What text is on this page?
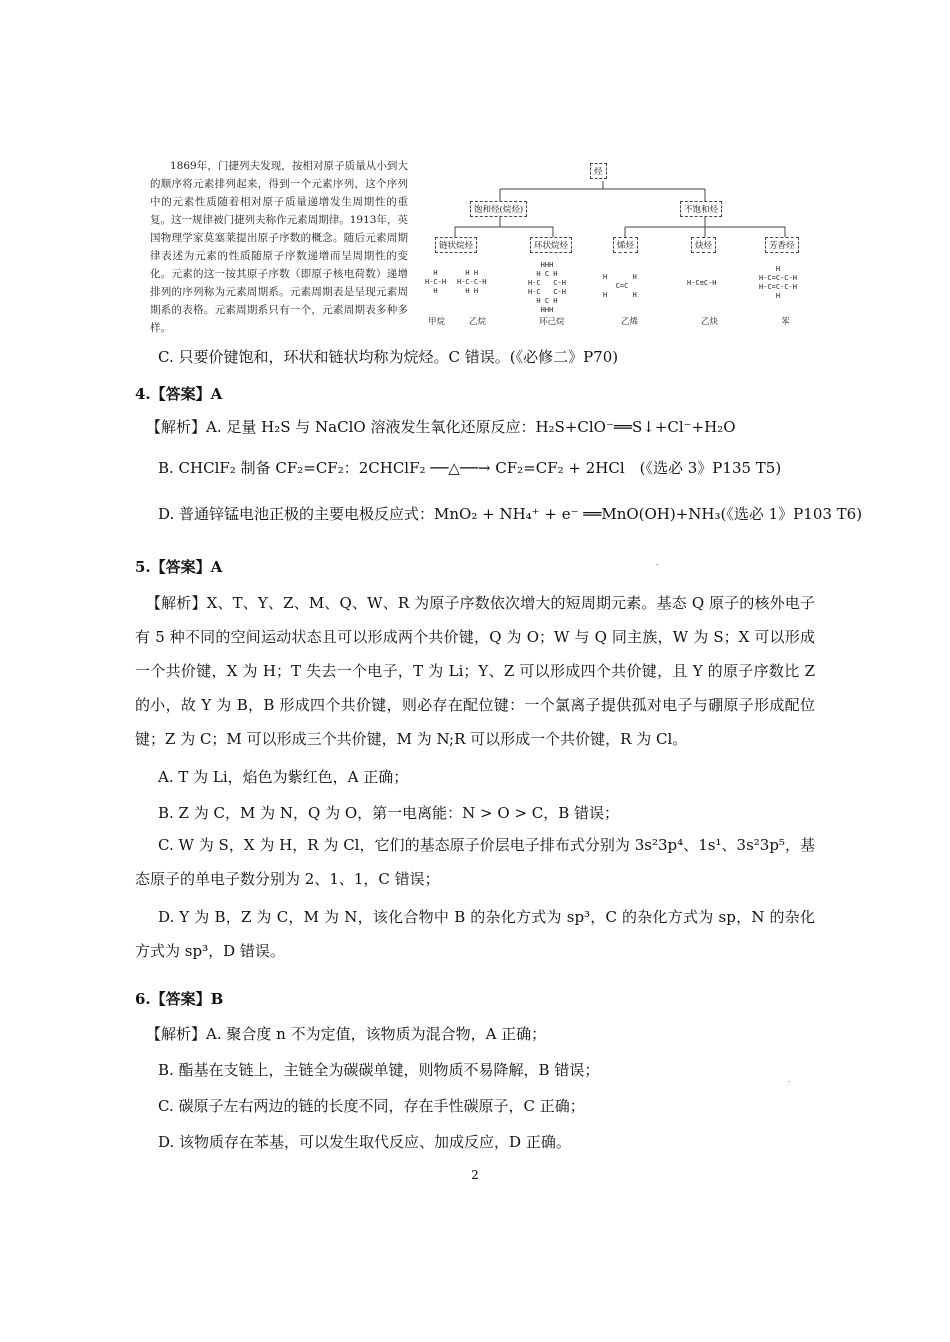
1869年，门捷列夫发现，按相对原子质量从小到大的顺序将元素排列起来，得到一个元素序列，这个序列中的元素性质随着相对原子质量递增发生周期性的重复。这一规律被门捷列夫称作元素周期律。1913年，英国物理学家莫塞莱提出原子序数的概念。随后元素周期律表述为元素的性质随原子序数递增而呈周期性的变化。元素的这一按其原子序数（即原子核电荷数）递增排列的序列称为元素周期系。元素周期表是呈现元素周期系的表格。元素周期系只有一个，元素周期表多种多样。

烃
饱和烃(烷烃)	不饱和烃
链状烷烃	环状烷烃	烯烃	炔烃	芳香烃
H
H-C-H
H
H H
H-C-C-H
H H
HHH
H C H
H-C   C-H
H-C   C-H
H C H
HHH
H      H
C=C
H      H
H-C≡C-H
H
H-C=C-C-H
H-C=C-C-H
H
甲烷	乙烷	环己烷	乙烯	乙炔	苯
C. 只要价键饱和，环状和链状均称为烷烃。C 错误。(《必修二》P70)
4.【答案】A
【解析】A. 足量 H₂S 与 NaClO 溶液发生氧化还原反应：H₂S+ClO⁻══S↓+Cl⁻+H₂O
B. CHClF₂ 制备 CF₂=CF₂：2CHClF₂ ──△──→ CF₂=CF₂ + 2HCl　(《选必 3》P135 T5)
D. 普通锌锰电池正极的主要电极反应式：MnO₂ + NH₄⁺ + e⁻ ══MnO(OH)+NH₃(《选必 1》P103 T6)
5.【答案】A
【解析】X、T、Y、Z、M、Q、W、R 为原子序数依次增大的短周期元素。基态 Q 原子的核外电子有 5 种不同的空间运动状态且可以形成两个共价键，Q 为 O；W 与 Q 同主族，W 为 S；X 可以形成一个共价键，X 为 H；T 失去一个电子，T 为 Li；Y、Z 可以形成四个共价键，且 Y 的原子序数比 Z 的小，故 Y 为 B，B 形成四个共价键，则必存在配位键：一个氯离子提供孤对电子与硼原子形成配位键；Z 为 C；M 可以形成三个共价键，M 为 N;R 可以形成一个共价键，R 为 Cl。
A. T 为 Li，焰色为紫红色，A 正确；
B. Z 为 C，M 为 N，Q 为 O，第一电离能：N > O > C，B 错误；
C. W 为 S，X 为 H，R 为 Cl，它们的基态原子价层电子排布式分别为 3s²3p⁴、1s¹、3s²3p⁵，基态原子的单电子数分别为 2、1、1，C 错误；
D. Y 为 B，Z 为 C，M 为 N，该化合物中 B 的杂化方式为 sp³，C 的杂化方式为 sp，N 的杂化方式为 sp³，D 错误。
6.【答案】B
【解析】A. 聚合度 n 不为定值，该物质为混合物，A 正确；
B. 酯基在支链上，主链全为碳碳单键，则物质不易降解，B 错误；
C. 碳原子左右两边的链的长度不同，存在手性碳原子，C 正确；
D. 该物质存在苯基，可以发生取代反应、加成反应，D 正确。
2
